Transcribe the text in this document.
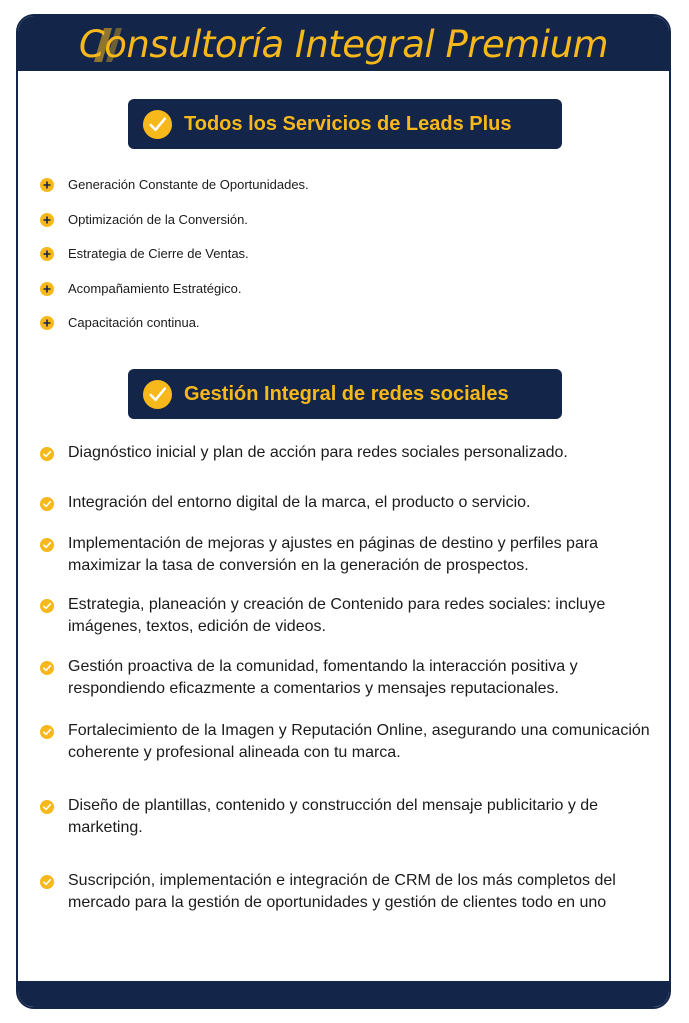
Consultoría Integral Premium
Todos los Servicios de Leads Plus
Generación Constante de Oportunidades.
Optimización de la Conversión.
Estrategia de Cierre de Ventas.
Acompañamiento Estratégico.
Capacitación continua.
Gestión Integral de redes sociales
Diagnóstico inicial y plan de acción para redes sociales personalizado.
Integración del entorno digital de la marca, el producto o servicio.
Implementación de mejoras y ajustes en páginas de destino y perfiles para maximizar la tasa de conversión en la generación de prospectos.
Estrategia, planeación y creación de Contenido para redes sociales: incluye imágenes, textos, edición de videos.
Gestión proactiva de la comunidad, fomentando la interacción positiva y respondiendo eficazmente a comentarios y mensajes reputacionales.
Fortalecimiento de la Imagen y Reputación Online, asegurando una comunicación coherente y profesional alineada con tu marca.
Diseño de plantillas, contenido y construcción del mensaje publicitario y de marketing.
Suscripción, implementación e integración de CRM de los más completos del mercado para la gestión de oportunidades y gestión de clientes todo en uno
